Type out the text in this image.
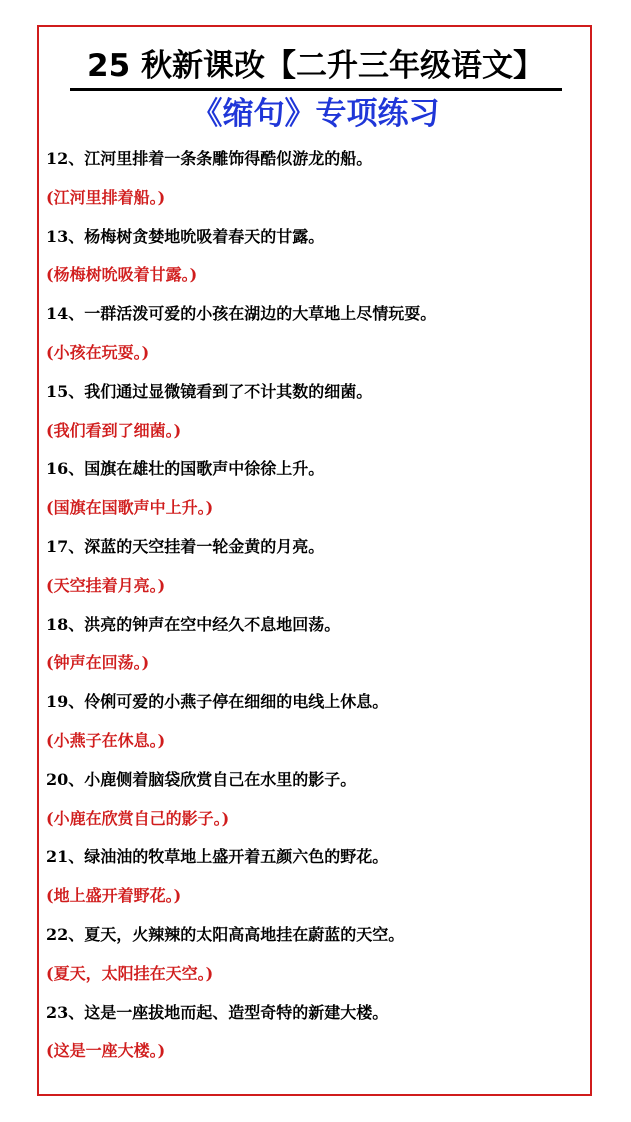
25 秋新课改【二升三年级语文】
《缩句》专项练习
12、江河里排着一条条雕饰得酷似游龙的船。
(江河里排着船。)
13、杨梅树贪婪地吮吸着春天的甘露。
(杨梅树吮吸着甘露。)
14、一群活泼可爱的小孩在湖边的大草地上尽情玩耍。
(小孩在玩耍。)
15、我们通过显微镜看到了不计其数的细菌。
(我们看到了细菌。)
16、国旗在雄壮的国歌声中徐徐上升。
(国旗在国歌声中上升。)
17、深蓝的天空挂着一轮金黄的月亮。
(天空挂着月亮。)
18、洪亮的钟声在空中经久不息地回荡。
(钟声在回荡。)
19、伶俐可爱的小燕子停在细细的电线上休息。
(小燕子在休息。)
20、小鹿侧着脑袋欣赏自己在水里的影子。
(小鹿在欣赏自己的影子。)
21、绿油油的牧草地上盛开着五颜六色的野花。
(地上盛开着野花。)
22、夏天，火辣辣的太阳高高地挂在蔚蓝的天空。
(夏天，太阳挂在天空。)
23、这是一座拔地而起、造型奇特的新建大楼。
(这是一座大楼。)
